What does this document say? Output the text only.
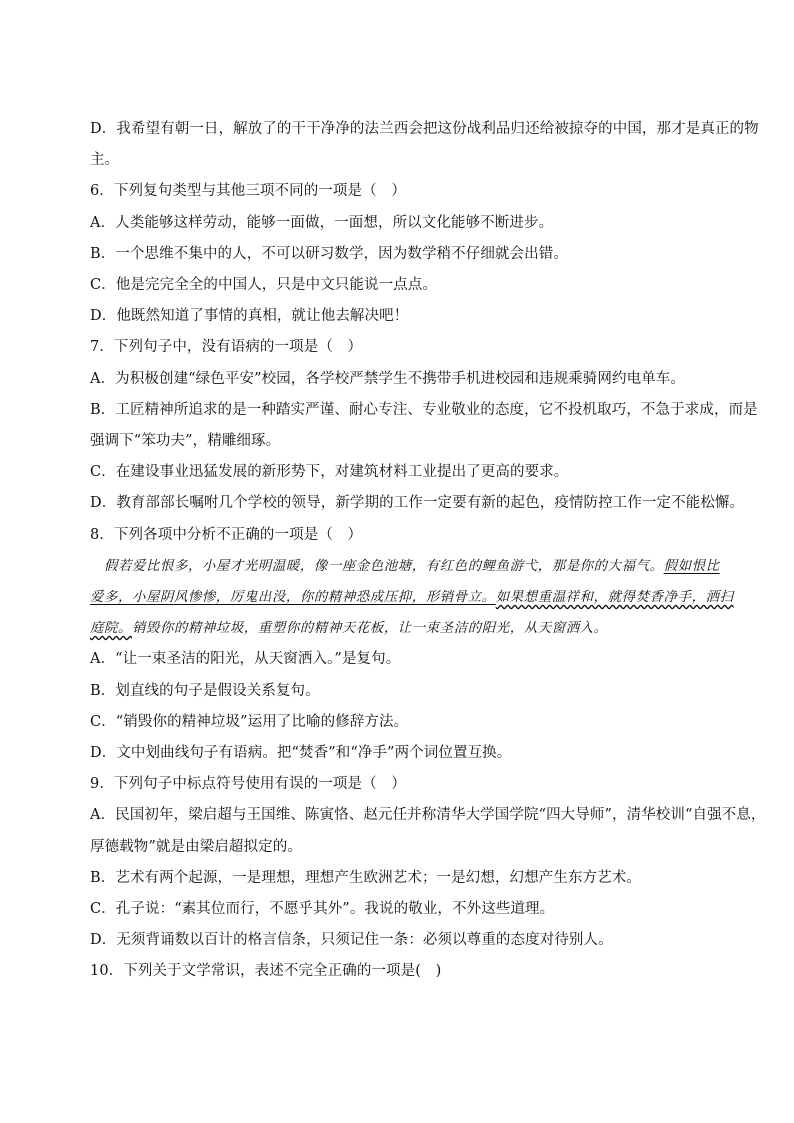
D．我希望有朝一日，解放了的干干净净的法兰西会把这份战利品归还给被掠夺的中国，那才是真正的物
主。
6．下列复句类型与其他三项不同的一项是（　）
A．人类能够这样劳动，能够一面做，一面想，所以文化能够不断进步。
B．一个思维不集中的人，不可以研习数学，因为数学稍不仔细就会出错。
C．他是完完全全的中国人，只是中文只能说一点点。
D．他既然知道了事情的真相，就让他去解决吧！
7．下列句子中，没有语病的一项是（　）
A．为积极创建“绿色平安”校园，各学校严禁学生不携带手机进校园和违规乘骑网约电单车。
B．工匠精神所追求的是一种踏实严谨、耐心专注、专业敬业的态度，它不投机取巧，不急于求成，而是
强调下“笨功夫”，精雕细琢。
C．在建设事业迅猛发展的新形势下，对建筑材料工业提出了更高的要求。
D．教育部部长嘱咐几个学校的领导，新学期的工作一定要有新的起色，疫情防控工作一定不能松懈。
8．下列各项中分析不正确的一项是（　）
假若爱比恨多，小屋才光明温暖，像一座金色池塘，有红色的鲤鱼游弋，那是你的大福气。假如恨比
爱多，小屋阴风惨惨，厉鬼出没，你的精神恐成压抑，形销骨立。如果想重温祥和，就得焚香净手，洒扫
庭院。销毁你的精神垃圾，重塑你的精神天花板，让一束圣洁的阳光，从天窗洒入。
A．“让一束圣洁的阳光，从天窗洒入。”是复句。
B．划直线的句子是假设关系复句。
C．“销毁你的精神垃圾”运用了比喻的修辞方法。
D．文中划曲线句子有语病。把“焚香”和“净手”两个词位置互换。
9．下列句子中标点符号使用有误的一项是（　）
A．民国初年，梁启超与王国维、陈寅恪、赵元任并称清华大学国学院“四大导师”，清华校训“自强不息，
厚德载物”就是由梁启超拟定的。
B．艺术有两个起源，一是理想，理想产生欧洲艺术；一是幻想，幻想产生东方艺术。
C．孔子说：“素其位而行，不愿乎其外”。我说的敬业，不外这些道理。
D．无须背诵数以百计的格言信条，只须记住一条：必须以尊重的态度对待别人。
10．下列关于文学常识，表述不完全正确的一项是(　)
